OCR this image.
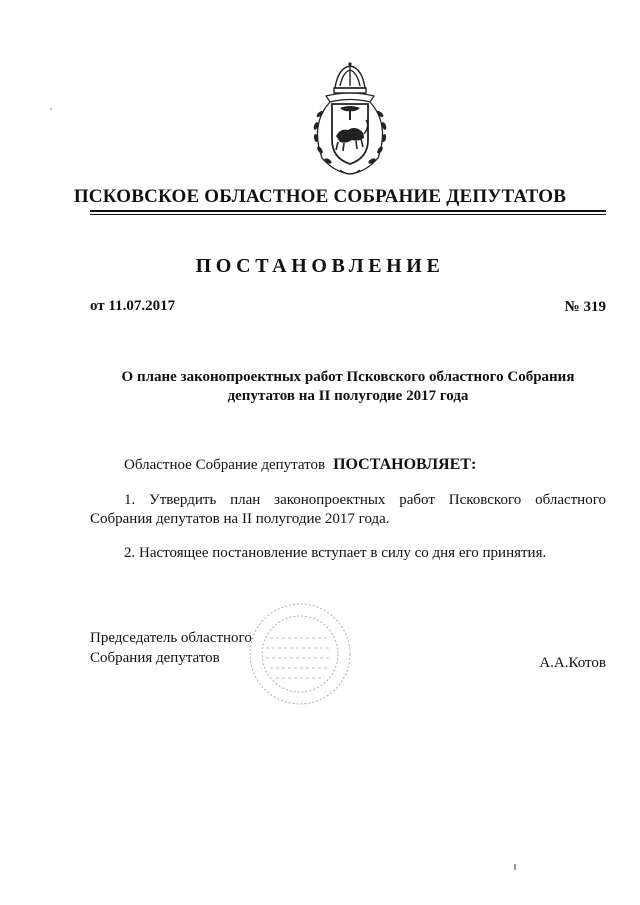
ПСКОВСКОЕ ОБЛАСТНОЕ СОБРАНИЕ ДЕПУТАТОВ
ПОСТАНОВЛЕНИЕ
от 11.07.2017	№ 319
О плане законопроектных работ Псковского областного Собрания
депутатов на II полугодие 2017 года
Областное Собрание депутатов ПОСТАНОВЛЯЕТ:
1. Утвердить план законопроектных работ Псковского областного Собрания депутатов на II полугодие 2017 года.
2. Настоящее постановление вступает в силу со дня его принятия.
Председатель областного
Собрания депутатов	А.А.Котов
